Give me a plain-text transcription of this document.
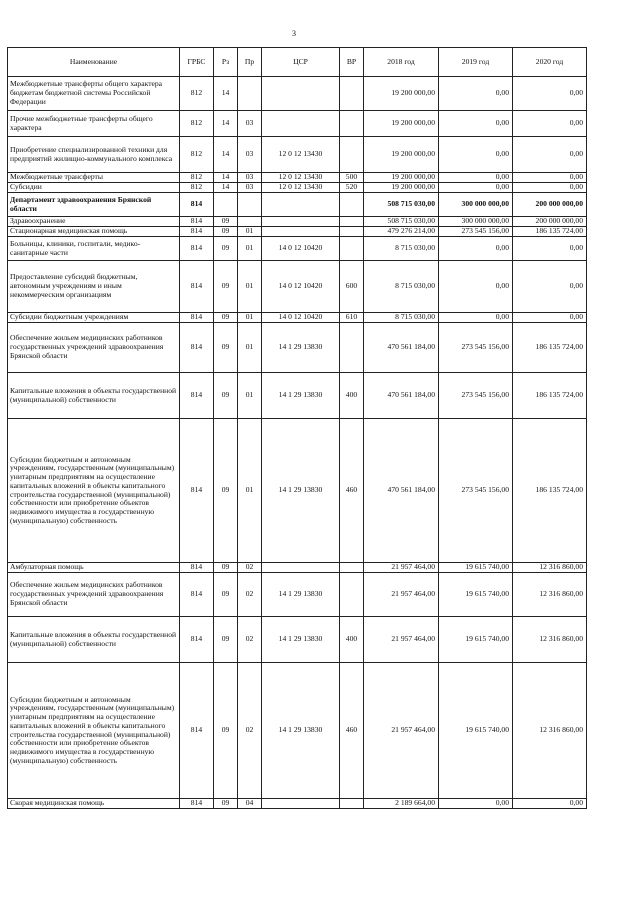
3
Наименование	ГРБС	Рз	Пр	ЦСР	ВР	2018 год	2019 год	2020 год
Межбюджетные трансферты общего характера бюджетам бюджетной системы Российской Федерации	812	14				19 200 000,00	0,00	0,00
Прочие межбюджетные трансферты общего характера	812	14	03			19 200 000,00	0,00	0,00
Приобретение специализированной техники для предприятий жилищно-коммунального комплекса	812	14	03	12 0 12 13430		19 200 000,00	0,00	0,00
Межбюджетные трансферты	812	14	03	12 0 12 13430	500	19 200 000,00	0,00	0,00
Субсидии	812	14	03	12 0 12 13430	520	19 200 000,00	0,00	0,00
Департамент здравоохранения Брянской области	814					508 715 030,00	300 000 000,00	200 000 000,00
Здравоохранение	814	09				508 715 030,00	300 000 000,00	200 000 000,00
Стационарная медицинская помощь	814	09	01			479 276 214,00	273 545 156,00	186 135 724,00
Больницы, клиники, госпитали, медико-санитарные части	814	09	01	14 0 12 10420		8 715 030,00	0,00	0,00
Предоставление субсидий бюджетным, автономным учреждениям и иным некоммерческим организациям	814	09	01	14 0 12 10420	600	8 715 030,00	0,00	0,00
Субсидии бюджетным учреждениям	814	09	01	14 0 12 10420	610	8 715 030,00	0,00	0,00
Обеспечение жильем медицинских работников государственных учреждений здравоохранения Брянской области	814	09	01	14 1 29 13830		470 561 184,00	273 545 156,00	186 135 724,00
Капитальные вложения в объекты государственной (муниципальной) собственности	814	09	01	14 1 29 13830	400	470 561 184,00	273 545 156,00	186 135 724,00
Субсидии бюджетным и автономным учреждениям, государственным (муниципальным) унитарным предприятиям на осуществление капитальных вложений в объекты капитального строительства государственной (муниципальной) собственности или приобретение объектов недвижимого имущества в государственную (муниципальную) собственность	814	09	01	14 1 29 13830	460	470 561 184,00	273 545 156,00	186 135 724,00
Амбулаторная помощь	814	09	02			21 957 464,00	19 615 740,00	12 316 860,00
Обеспечение жильем медицинских работников государственных учреждений здравоохранения Брянской области	814	09	02	14 1 29 13830		21 957 464,00	19 615 740,00	12 316 860,00
Капитальные вложения в объекты государственной (муниципальной) собственности	814	09	02	14 1 29 13830	400	21 957 464,00	19 615 740,00	12 316 860,00
Субсидии бюджетным и автономным учреждениям, государственным (муниципальным) унитарным предприятиям на осуществление капитальных вложений в объекты капитального строительства государственной (муниципальной) собственности или приобретение объектов недвижимого имущества в государственную (муниципальную) собственность	814	09	02	14 1 29 13830	460	21 957 464,00	19 615 740,00	12 316 860,00
Скорая медицинская помощь	814	09	04			2 189 664,00	0,00	0,00
